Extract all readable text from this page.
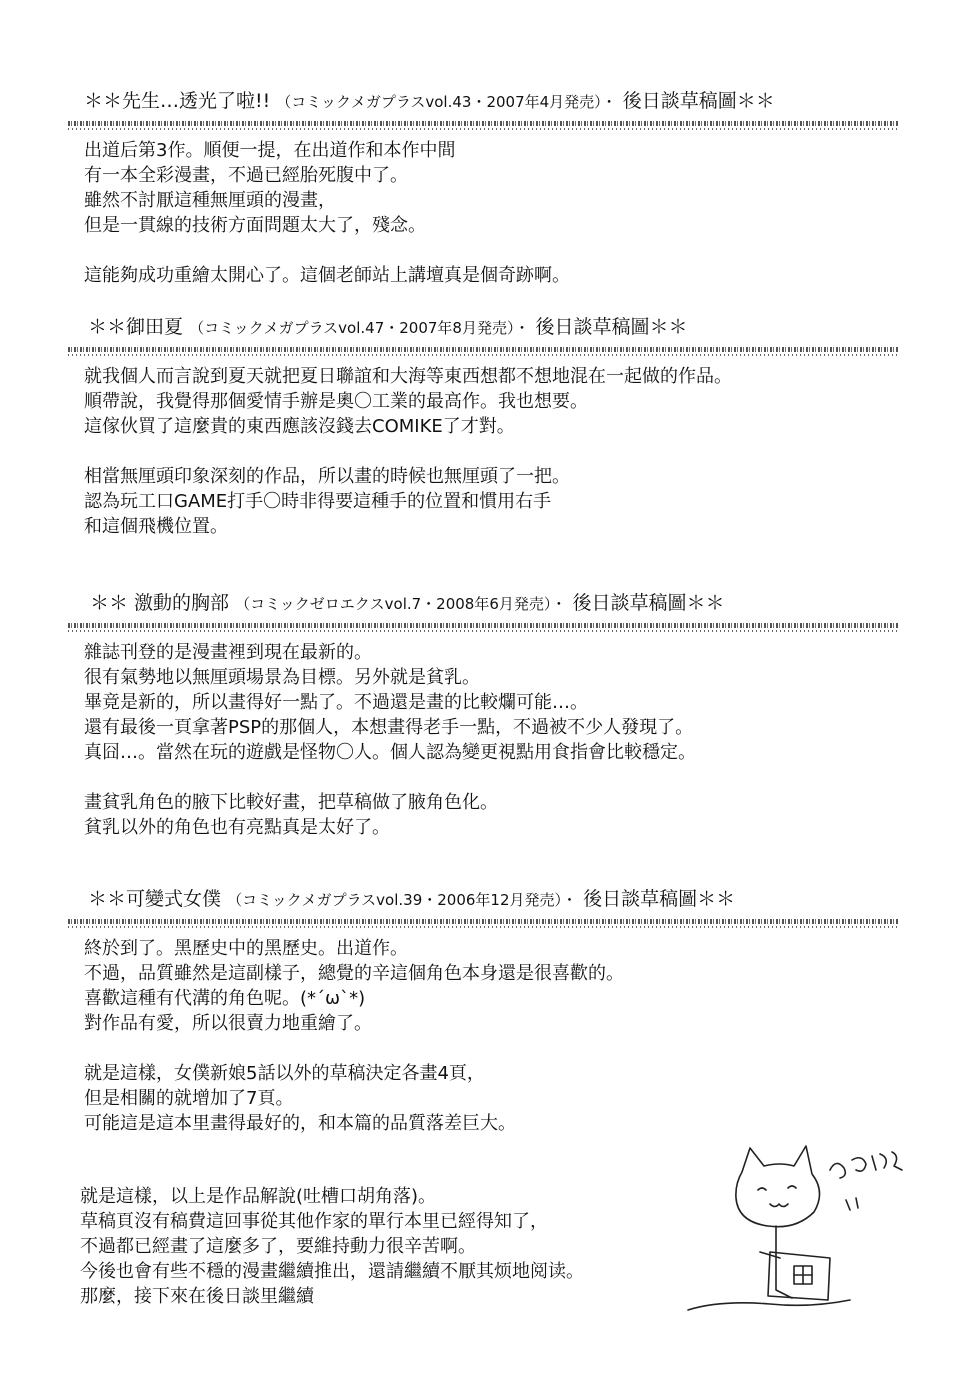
＊＊先生…透光了啦!! （コミックメガプラスvol.43・2007年4月発売）・ 後日談草稿圖＊＊
出道后第3作。順便一提，在出道作和本作中間
有一本全彩漫畫，不過已經胎死腹中了。
雖然不討厭這種無厘頭的漫畫，
但是一貫線的技術方面問題太大了，殘念。
這能夠成功重繪太開心了。這個老師站上講壇真是個奇跡啊。
＊＊御田夏 （コミックメガプラスvol.47・2007年8月発売）・ 後日談草稿圖＊＊
就我個人而言說到夏天就把夏日聯誼和大海等東西想都不想地混在一起做的作品。
順帶說，我覺得那個愛情手辦是奧〇工業的最高作。我也想要。
這傢伙買了這麼貴的東西應該沒錢去COMIKE了才對。
相當無厘頭印象深刻的作品，所以畫的時候也無厘頭了一把。
認為玩工口GAME打手〇時非得要這種手的位置和慣用右手
和這個飛機位置。
＊＊ 激動的胸部 （コミックゼロエクスvol.7・2008年6月発売）・ 後日談草稿圖＊＊
雜誌刊登的是漫畫裡到現在最新的。
很有氣勢地以無厘頭場景為目標。另外就是貧乳。
畢竟是新的，所以畫得好一點了。不過還是畫的比較爛可能…。
還有最後一頁拿著PSP的那個人，本想畫得老手一點，不過被不少人發現了。
真囧…。當然在玩的遊戲是怪物〇人。個人認為變更視點用食指會比較穩定。
畫貧乳角色的腋下比較好畫，把草稿做了腋角色化。
貧乳以外的角色也有亮點真是太好了。
＊＊可變式女僕 （コミックメガプラスvol.39・2006年12月発売）・ 後日談草稿圖＊＊
終於到了。黑歷史中的黑歷史。出道作。
不過，品質雖然是這副樣子，總覺的辛這個角色本身還是很喜歡的。
喜歡這種有代溝的角色呢。(*´ω`*)
對作品有愛，所以很賣力地重繪了。
就是這樣，女僕新娘5話以外的草稿決定各畫4頁，
但是相關的就增加了7頁。
可能這是這本里畫得最好的，和本篇的品質落差巨大。
就是這樣，以上是作品解說(吐槽口胡角落)。
草稿頁沒有稿費這回事從其他作家的單行本里已經得知了，
不過都已經畫了這麼多了，要維持動力很辛苦啊。
今後也會有些不穩的漫畫繼續推出，還請繼續不厭其烦地阅读。
那麼，接下來在後日談里繼續
